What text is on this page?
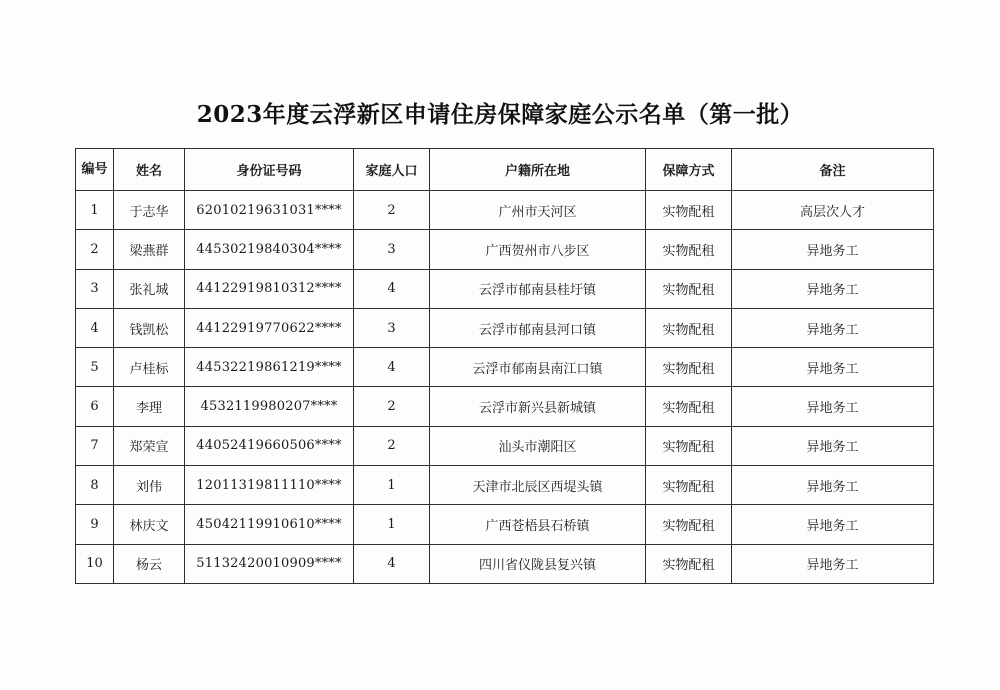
2023年度云浮新区申请住房保障家庭公示名单（第一批）
编号	姓名	身份证号码	家庭人口	户籍所在地	保障方式	备注
1	于志华	62010219631031****	2	广州市天河区	实物配租	高层次人才
2	梁燕群	44530219840304****	3	广西贺州市八步区	实物配租	异地务工
3	张礼城	44122919810312****	4	云浮市郁南县桂圩镇	实物配租	异地务工
4	钱凯松	44122919770622****	3	云浮市郁南县河口镇	实物配租	异地务工
5	卢桂标	44532219861219****	4	云浮市郁南县南江口镇	实物配租	异地务工
6	李理	4532119980207****	2	云浮市新兴县新城镇	实物配租	异地务工
7	郑荣宣	44052419660506****	2	汕头市潮阳区	实物配租	异地务工
8	刘伟	12011319811110****	1	天津市北辰区西堤头镇	实物配租	异地务工
9	林庆文	45042119910610****	1	广西苍梧县石桥镇	实物配租	异地务工
10	杨云	51132420010909****	4	四川省仪陇县复兴镇	实物配租	异地务工
